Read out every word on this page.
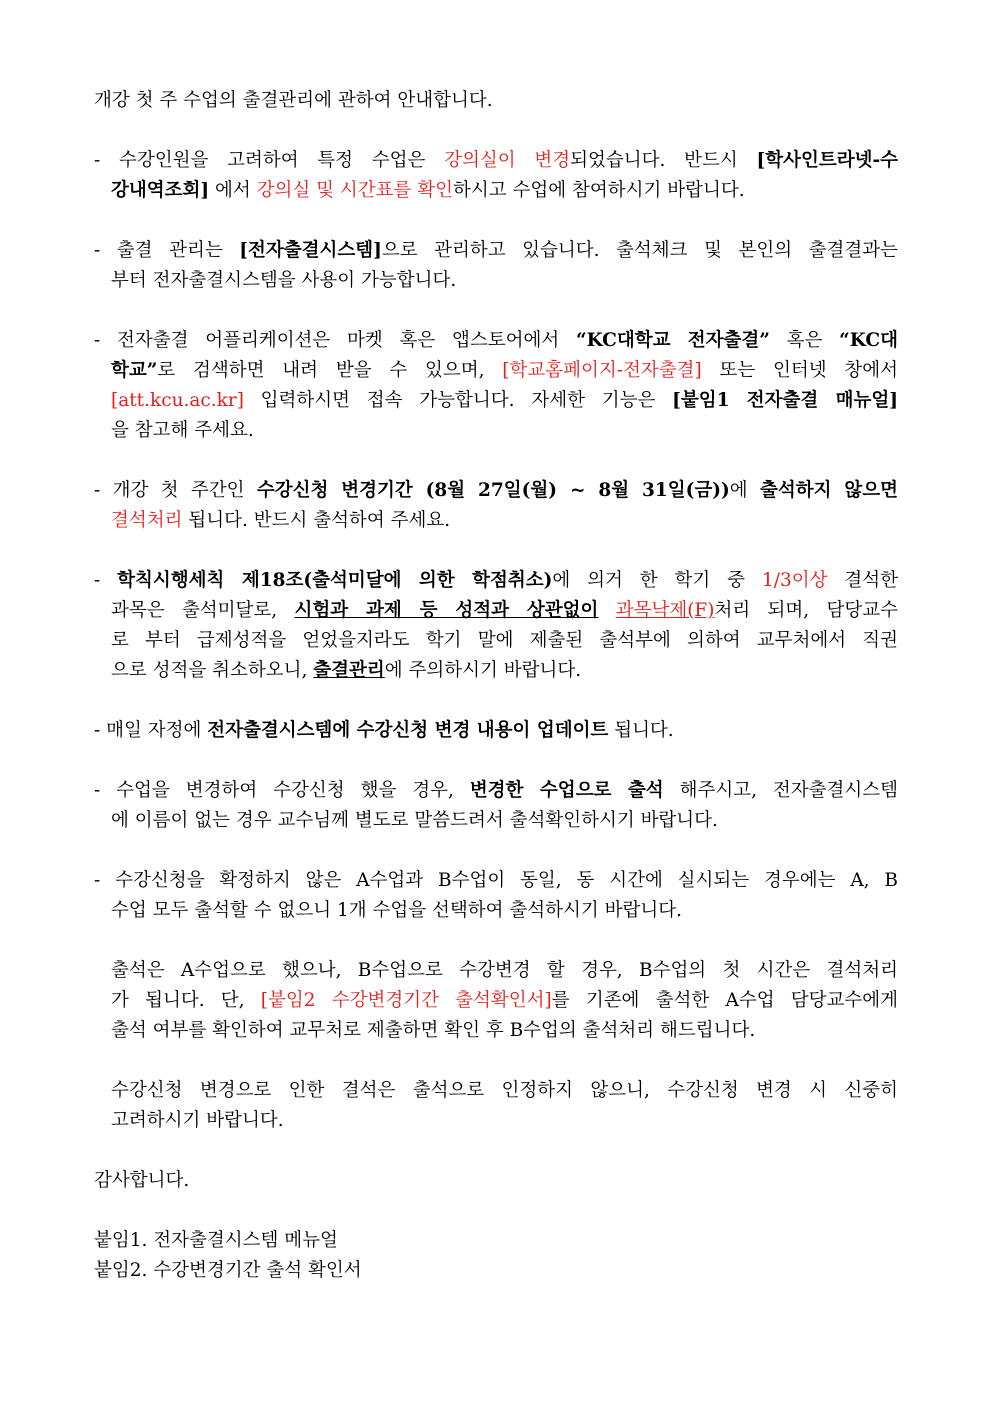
개강 첫 주 수업의 출결관리에 관하여 안내합니다.
- 수강인원을 고려하여 특정 수업은 강의실이 변경되었습니다. 반드시 [학사인트라넷-수
강내역조회] 에서 강의실 및 시간표를 확인하시고 수업에 참여하시기 바랍니다.
- 출결 관리는 [전자출결시스템]으로 관리하고 있습니다. 출석체크 및 본인의 출결결과는
부터 전자출결시스템을 사용이 가능합니다.
- 전자출결 어플리케이션은 마켓 혹은 앱스토어에서 “KC대학교 전자출결” 혹은 “KC대
학교”로 검색하면 내려 받을 수 있으며, [학교홈페이지-전자출결] 또는 인터넷 창에서
[att.kcu.ac.kr] 입력하시면 접속 가능합니다. 자세한 기능은 [붙임1 전자출결 매뉴얼]
을 참고해 주세요.
- 개강 첫 주간인 수강신청 변경기간 (8월 27일(월) ~ 8월 31일(금))에 출석하지 않으면
결석처리 됩니다. 반드시 출석하여 주세요.
- 학칙시행세칙 제18조(출석미달에 의한 학점취소)에 의거 한 학기 중 1/3이상 결석한
과목은 출석미달로, 시험과 과제 등 성적과 상관없이 과목낙제(F)처리 되며, 담당교수
로 부터 급제성적을 얻었을지라도 학기 말에 제출된 출석부에 의하여 교무처에서 직권
으로 성적을 취소하오니, 출결관리에 주의하시기 바랍니다.
- 매일 자정에 전자출결시스템에 수강신청 변경 내용이 업데이트 됩니다.
- 수업을 변경하여 수강신청 했을 경우, 변경한 수업으로 출석 해주시고, 전자출결시스템
에 이름이 없는 경우 교수님께 별도로 말씀드려서 출석확인하시기 바랍니다.
- 수강신청을 확정하지 않은 A수업과 B수업이 동일, 동 시간에 실시되는 경우에는 A, B
수업 모두 출석할 수 없으니 1개 수업을 선택하여 출석하시기 바랍니다.
출석은 A수업으로 했으나, B수업으로 수강변경 할 경우, B수업의 첫 시간은 결석처리
가 됩니다. 단, [붙임2 수강변경기간 출석확인서]를 기존에 출석한 A수업 담당교수에게
출석 여부를 확인하여 교무처로 제출하면 확인 후 B수업의 출석처리 해드립니다.
수강신청 변경으로 인한 결석은 출석으로 인정하지 않으니, 수강신청 변경 시 신중히
고려하시기 바랍니다.
감사합니다.
붙임1. 전자출결시스템 메뉴얼
붙임2. 수강변경기간 출석 확인서
